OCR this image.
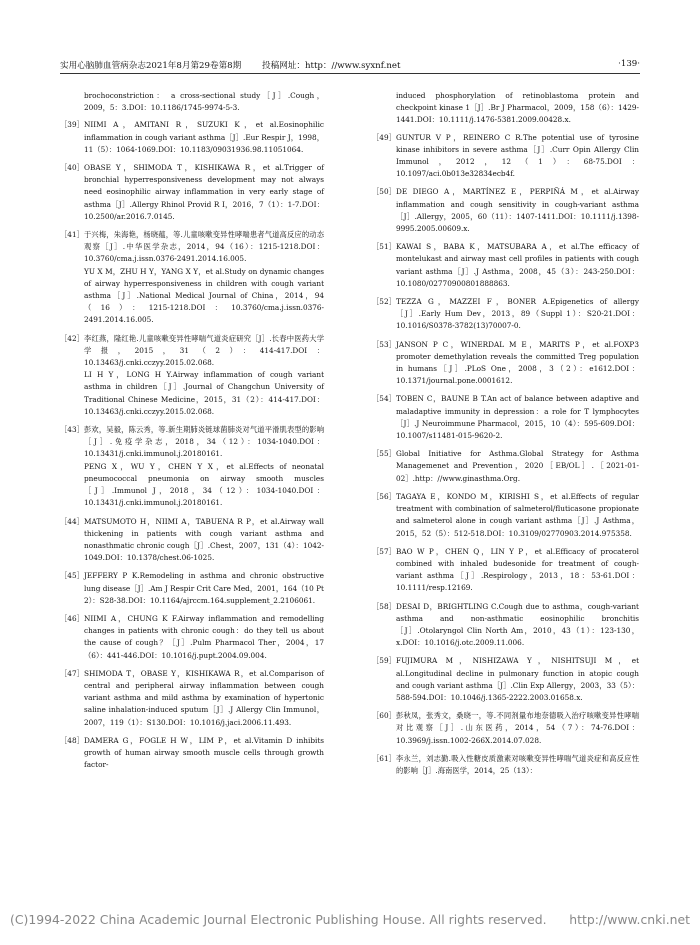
实用心脑肺血管病杂志2021年8月第29卷第8期 投稿网址：http：//www.syxnf.net	·139·
brochoconstriction： a cross-sectional study［J］.Cough，2009，5：3.DOI：10.1186/1745-9974-5-3.
［39］ NIIMI A，AMITANI R，SUZUKI K，et al.Eosinophilic inflammation in cough variant asthma［J］.Eur Respir J，1998，11（5）：1064-1069.DOI：10.1183/09031936.98.11051064.
［40］ OBASE Y，SHIMODA T，KISHIKAWA R，et al.Trigger of bronchial hyperresponsiveness development may not always need eosinophilic airway inflammation in very early stage of asthma［J］.Allergy Rhinol Provid R Ⅰ，2016，7（1）：1-7.DOI：10.2500/ar.2016.7.0145.
［41］ 于兴梅，朱海艳，杨晓蕴，等.儿童咳嗽变异性哮喘患者气道高反应的动态观察［J］.中华医学杂志，2014，94（16）：1215-1218.DOI：10.3760/cma.j.issn.0376-2491.2014.16.005.
YU X M，ZHU H Y，YANG X Y，et al.Study on dynamic changes of airway hyperresponsiveness in children with cough variant asthma［J］.National Medical Journal of China，2014，94（16）：1215-1218.DOI：10.3760/cma.j.issn.0376-2491.2014.16.005.
［42］ 李红燕，隆红艳.儿童咳嗽变异性哮喘气道炎症研究［J］.长春中医药大学学报，2015，31（2）：414-417.DOI：10.13463/j.cnki.cczyy.2015.02.068.
LI H Y，LONG H Y.Airway inflammation of cough variant asthma in children［J］.Journal of Changchun University of Traditional Chinese Medicine，2015，31（2）：414-417.DOI：10.13463/j.cnki.cczyy.2015.02.068.
［43］ 彭欢，吴毅，陈云秀，等.新生期肺炎链球菌肺炎对气道平滑肌表型的影响［J］.免疫学杂志，2018，34（12）：1034-1040.DOI：10.13431/j.cnki.immunol.j.20180161.
PENG X，WU Y，CHEN Y X，et al.Effects of neonatal pneumococcal pneumonia on airway smooth muscles［J］.Immunol J，2018，34（12）：1034-1040.DOI：10.13431/j.cnki.immunol.j.20180161.
［44］ MATSUMOTO H，NIIMI A，TABUENA R P，et al.Airway wall thickening in patients with cough variant asthma and nonasthmatic chronic cough［J］.Chest，2007，131（4）：1042-1049.DOI：10.1378/chest.06-1025.
［45］ JEFFERY P K.Remodeling in asthma and chronic obstructive lung disease［J］.Am J Respir Crit Care Med，2001，164（10 Pt 2）：S28-38.DOI：10.1164/ajrccm.164.supplement_2.2106061.
［46］ NIIMI A，CHUNG K F.Airway inflammation and remodelling changes in patients with chronic cough：do they tell us about the cause of cough？［J］.Pulm Pharmacol Ther，2004，17（6）：441-446.DOI：10.1016/j.pupt.2004.09.004.
［47］ SHIMODA T，OBASE Y，KISHIKAWA R，et al.Comparison of central and peripheral airway inflammation between cough variant asthma and mild asthma by examination of hypertonic saline inhalation-induced sputum［J］.J Allergy Clin Immunol，2007，119（1）：S130.DOI：10.1016/j.jaci.2006.11.493.
［48］ DAMERA G，FOGLE H W，LIM P，et al.Vitamin D inhibits growth of human airway smooth muscle cells through growth factor-
induced phosphorylation of retinoblastoma protein and checkpoint kinase 1［J］.Br J Pharmacol，2009，158（6）：1429-1441.DOI：10.1111/j.1476-5381.2009.00428.x.
［49］ GUNTUR V P，REINERO C R.The potential use of tyrosine kinase inhibitors in severe asthma［J］.Curr Opin Allergy Clin Immunol，2012，12（1）：68-75.DOI：10.1097/aci.0b013e32834ecb4f.
［50］ DE DIEGO A，MARTÍNEZ E，PERPIÑÁ M，et al.Airway inflammation and cough sensitivity in cough-variant asthma［J］.Allergy，2005，60（11）：1407-1411.DOI：10.1111/j.1398-9995.2005.00609.x.
［51］ KAWAI S，BABA K，MATSUBARA A，et al.The efficacy of montelukast and airway mast cell profiles in patients with cough variant asthma［J］.J Asthma，2008，45（3）：243-250.DOI：10.1080/02770900801888863.
［52］ TEZZA G，MAZZEI F，BONER A.Epigenetics of allergy［J］.Early Hum Dev，2013，89（Suppl 1）：S20-21.DOI：10.1016/S0378-3782(13)70007-0.
［53］ JANSON P C，WINERDAL M E，MARITS P，et al.FOXP3 promoter demethylation reveals the committed Treg population in humans［J］.PLoS One，2008，3（2）：e1612.DOI：10.1371/journal.pone.0001612.
［54］ TOBEN C，BAUNE B T.An act of balance between adaptive and maladaptive immunity in depression：a role for T lymphocytes［J］.J Neuroimmune Pharmacol，2015，10（4）：595-609.DOI：10.1007/s11481-015-9620-2.
［55］ Global Initiative for Asthma.Global Strategy for Asthma Managemenet and Prevention，2020［EB/OL］.［2021-01-02］.http：//www.ginasthma.Org.
［56］ TAGAYA E，KONDO M，KIRISHI S，et al.Effects of regular treatment with combination of salmeterol/fluticasone propionate and salmeterol alone in cough variant asthma［J］.J Asthma，2015，52（5）：512-518.DOI：10.3109/02770903.2014.975358.
［57］ BAO W P，CHEN Q，LIN Y P，et al.Efficacy of procaterol combined with inhaled budesonide for treatment of cough-variant asthma［J］.Respirology，2013，18：53-61.DOI：10.1111/resp.12169.
［58］ DESAI D，BRIGHTLING C.Cough due to asthma，cough-variant asthma and non-asthmatic eosinophilic bronchitis［J］.Otolaryngol Clin North Am，2010，43（1）：123-130，x.DOI：10.1016/j.otc.2009.11.006.
［59］ FUJIMURA M，NISHIZAWA Y，NISHITSUJI M，et al.Longitudinal decline in pulmonary function in atopic cough and cough variant asthma［J］.Clin Exp Allergy，2003，33（5）：588-594.DOI：10.1046/j.1365-2222.2003.01658.x.
［60］ 彭秋凤，张秀文，桑晓一，等.不同剂量布地奈德吸入治疗咳嗽变异性哮喘对比观察［J］.山东医药，2014，54（7）：74-76.DOI：10.3969/j.issn.1002-266X.2014.07.028.
［61］ 李永兰，刘志勤.吸入性糖皮质激素对咳嗽变异性哮喘气道炎症和高反应性的影响［J］.海南医学，2014，25（13）：
(C)1994-2022 China Academic Journal Electronic Publishing House. All rights reserved. http://www.cnki.net
